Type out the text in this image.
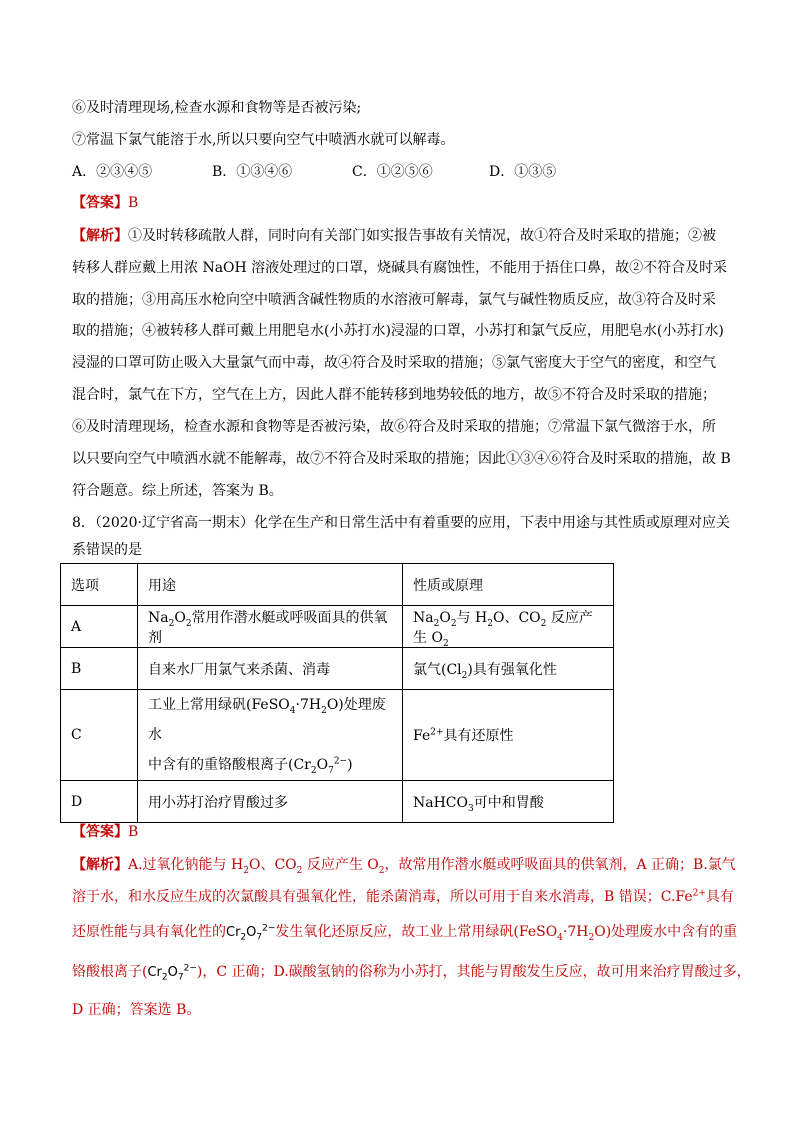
⑥及时清理现场,检查水源和食物等是否被污染;
⑦常温下氯气能溶于水,所以只要向空气中喷洒水就可以解毒。
A．②③④⑤	B．①③④⑥	C．①②⑤⑥	D．①③⑤
【答案】B
【解析】①及时转移疏散人群，同时向有关部门如实报告事故有关情况，故①符合及时采取的措施；②被
转移人群应戴上用浓 NaOH 溶液处理过的口罩，烧碱具有腐蚀性，不能用于捂住口鼻，故②不符合及时采
取的措施；③用高压水枪向空中喷洒含碱性物质的水溶液可解毒，氯气与碱性物质反应，故③符合及时采
取的措施；④被转移人群可戴上用肥皂水(小苏打水)浸湿的口罩，小苏打和氯气反应，用肥皂水(小苏打水)
浸湿的口罩可防止吸入大量氯气而中毒，故④符合及时采取的措施；⑤氯气密度大于空气的密度，和空气
混合时，氯气在下方，空气在上方，因此人群不能转移到地势较低的地方，故⑤不符合及时采取的措施；
⑥及时清理现场，检查水源和食物等是否被污染，故⑥符合及时采取的措施；⑦常温下氯气微溶于水，所
以只要向空气中喷洒水就不能解毒，故⑦不符合及时采取的措施；因此①③④⑥符合及时采取的措施，故 B
符合题意。综上所述，答案为 B。
8．（2020·辽宁省高一期末）化学在生产和日常生活中有着重要的应用，下表中用途与其性质或原理对应关
系错误的是
选项	用途	性质或原理
A	$Na_2O_2$常用作潜水艇或呼吸面具的供氧剂	$Na_2O_2$与 $H_2O$、$CO_2$ 反应产生 $O_2$
B	自来水厂用氯气来杀菌、消毒	氯气$(Cl_2)$具有强氧化性
C	工业上常用绿矾$(FeSO_4\cdot 7H_2O)$处理废水
中含有的重铬酸根离子$(Cr_2O_7^{2-})$	$Fe^{2+}$具有还原性
D	用小苏打治疗胃酸过多	NaHCO$_3$可中和胃酸
【答案】B
【解析】A.过氧化钠能与 $H_2O$、$CO_2$ 反应产生 $O_2$，故常用作潜水艇或呼吸面具的供氧剂，A 正确；B.氯气
溶于水，和水反应生成的次氯酸具有强氧化性，能杀菌消毒，所以可用于自来水消毒，B 错误；$C.Fe^{2+}$具有
还原性能与具有氧化性的$Cr_2O_7^{2-}$发生氧化还原反应，故工业上常用绿矾$(FeSO_4\cdot 7H_2O)$处理废水中含有的重
铬酸根离子$(Cr_2O_7^{2-})$，C 正确；D.碳酸氢钠的俗称为小苏打，其能与胃酸发生反应，故可用来治疗胃酸过多，
D 正确；答案选 B。
